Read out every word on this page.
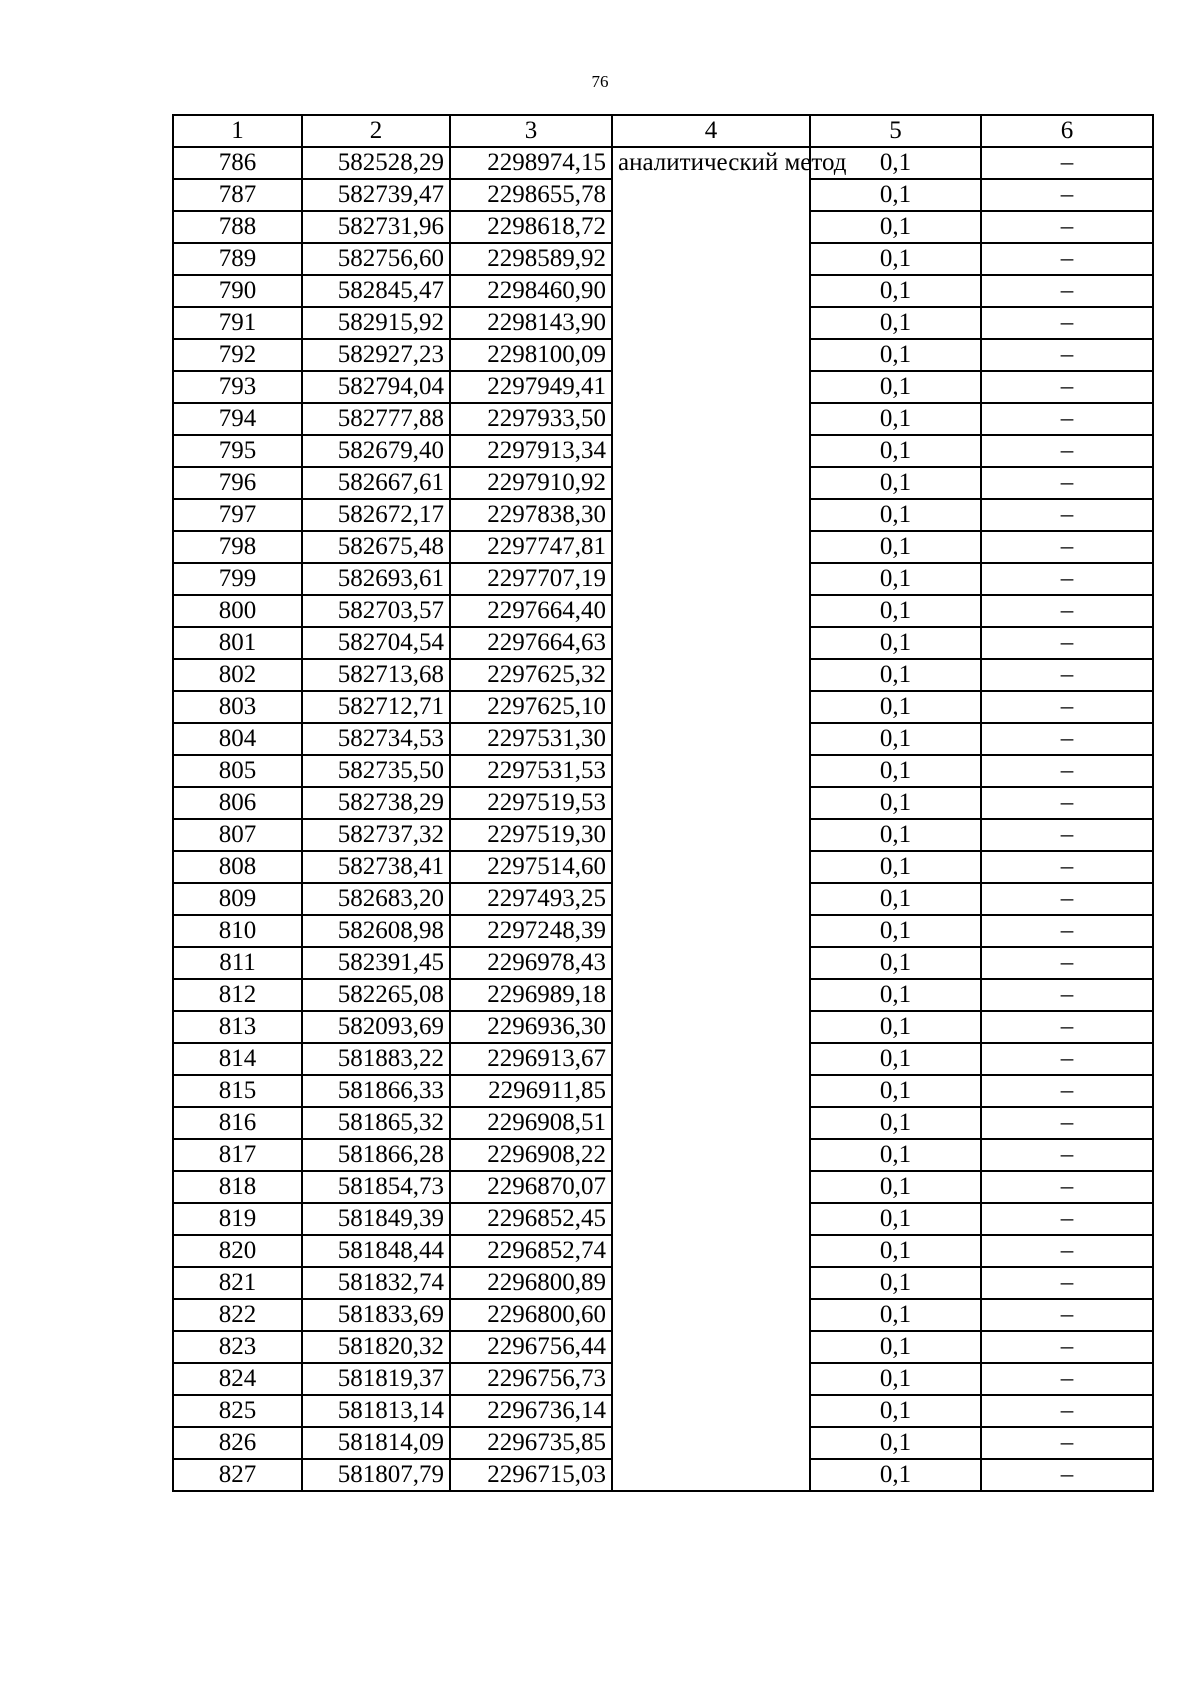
76
1	2	3	4	5	6
786	582528,29	2298974,15	аналитический метод	0,1	–
787	582739,47	2298655,78		0,1	–
788	582731,96	2298618,72		0,1	–
789	582756,60	2298589,92		0,1	–
790	582845,47	2298460,90		0,1	–
791	582915,92	2298143,90		0,1	–
792	582927,23	2298100,09		0,1	–
793	582794,04	2297949,41		0,1	–
794	582777,88	2297933,50		0,1	–
795	582679,40	2297913,34		0,1	–
796	582667,61	2297910,92		0,1	–
797	582672,17	2297838,30		0,1	–
798	582675,48	2297747,81		0,1	–
799	582693,61	2297707,19		0,1	–
800	582703,57	2297664,40		0,1	–
801	582704,54	2297664,63		0,1	–
802	582713,68	2297625,32		0,1	–
803	582712,71	2297625,10		0,1	–
804	582734,53	2297531,30		0,1	–
805	582735,50	2297531,53		0,1	–
806	582738,29	2297519,53		0,1	–
807	582737,32	2297519,30		0,1	–
808	582738,41	2297514,60		0,1	–
809	582683,20	2297493,25		0,1	–
810	582608,98	2297248,39		0,1	–
811	582391,45	2296978,43		0,1	–
812	582265,08	2296989,18		0,1	–
813	582093,69	2296936,30		0,1	–
814	581883,22	2296913,67		0,1	–
815	581866,33	2296911,85		0,1	–
816	581865,32	2296908,51		0,1	–
817	581866,28	2296908,22		0,1	–
818	581854,73	2296870,07		0,1	–
819	581849,39	2296852,45		0,1	–
820	581848,44	2296852,74		0,1	–
821	581832,74	2296800,89		0,1	–
822	581833,69	2296800,60		0,1	–
823	581820,32	2296756,44		0,1	–
824	581819,37	2296756,73		0,1	–
825	581813,14	2296736,14		0,1	–
826	581814,09	2296735,85		0,1	–
827	581807,79	2296715,03		0,1	–
